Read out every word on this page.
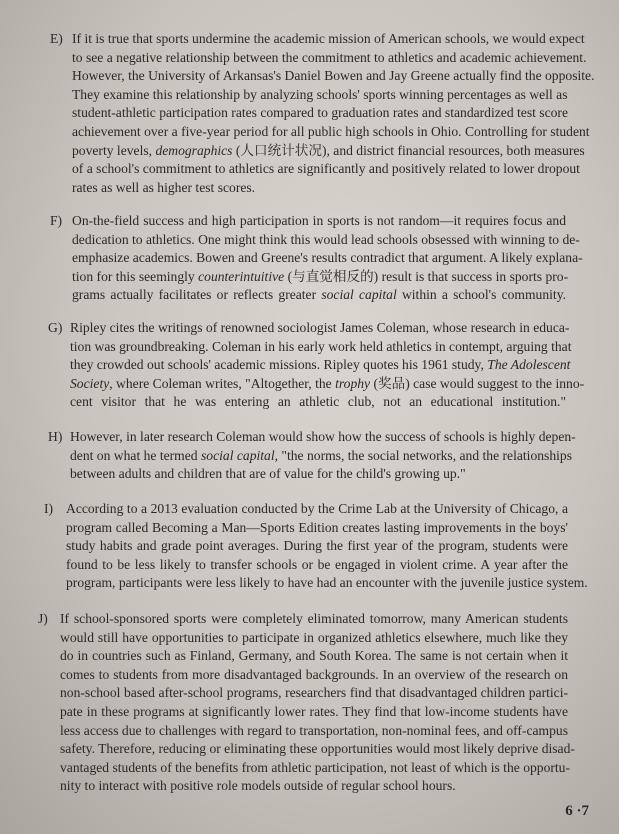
E) If it is true that sports undermine the academic mission of American schools, we would expect
to see a negative relationship between the commitment to athletics and academic achievement.
However, the University of Arkansas's Daniel Bowen and Jay Greene actually find the opposite.
They examine this relationship by analyzing schools' sports winning percentages as well as
student-athletic participation rates compared to graduation rates and standardized test score
achievement over a five-year period for all public high schools in Ohio. Controlling for student
poverty levels, demographics (人口统计状况), and district financial resources, both measures
of a school's commitment to athletics are significantly and positively related to lower dropout
rates as well as higher test scores.
F) On-the-field success and high participation in sports is not random—it requires focus and
dedication to athletics. One might think this would lead schools obsessed with winning to de-
emphasize academics. Bowen and Greene's results contradict that argument. A likely explana-
tion for this seemingly counterintuitive (与直觉相反的) result is that success in sports pro-
grams actually facilitates or reflects greater social capital within a school's community.
G) Ripley cites the writings of renowned sociologist James Coleman, whose research in educa-
tion was groundbreaking. Coleman in his early work held athletics in contempt, arguing that
they crowded out schools' academic missions. Ripley quotes his 1961 study, The Adolescent
Society, where Coleman writes, "Altogether, the trophy (奖品) case would suggest to the inno-
cent visitor that he was entering an athletic club, not an educational institution."
H) However, in later research Coleman would show how the success of schools is highly depen-
dent on what he termed social capital, "the norms, the social networks, and the relationships
between adults and children that are of value for the child's growing up."
I) According to a 2013 evaluation conducted by the Crime Lab at the University of Chicago, a
program called Becoming a Man—Sports Edition creates lasting improvements in the boys'
study habits and grade point averages. During the first year of the program, students were
found to be less likely to transfer schools or be engaged in violent crime. A year after the
program, participants were less likely to have had an encounter with the juvenile justice system.
J) If school-sponsored sports were completely eliminated tomorrow, many American students
would still have opportunities to participate in organized athletics elsewhere, much like they
do in countries such as Finland, Germany, and South Korea. The same is not certain when it
comes to students from more disadvantaged backgrounds. In an overview of the research on
non-school based after-school programs, researchers find that disadvantaged children partici-
pate in these programs at significantly lower rates. They find that low-income students have
less access due to challenges with regard to transportation, non-nominal fees, and off-campus
safety. Therefore, reducing or eliminating these opportunities would most likely deprive disad-
vantaged students of the benefits from athletic participation, not least of which is the opportu-
nity to interact with positive role models outside of regular school hours.
6 ·7
